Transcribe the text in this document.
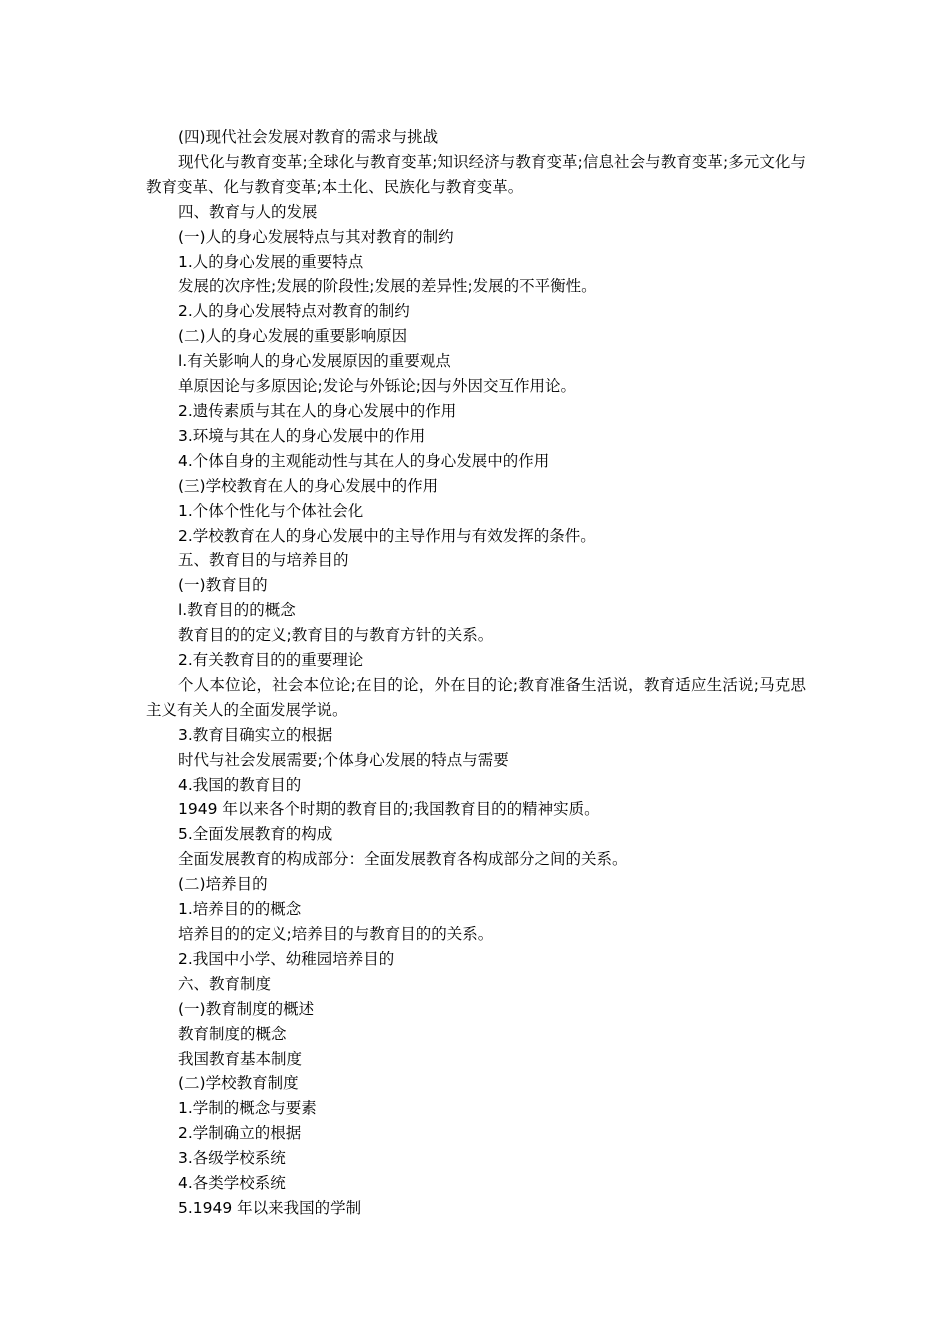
(四)现代社会发展对教育的需求与挑战

现代化与教育变革;全球化与教育变革;知识经济与教育变革;信息社会与教育变革;多元文化与教育变革、化与教育变革;本土化、民族化与教育变革。

四、教育与人的发展

(一)人的身心发展特点与其对教育的制约

1.人的身心发展的重要特点

发展的次序性;发展的阶段性;发展的差异性;发展的不平衡性。

2.人的身心发展特点对教育的制约

(二)人的身心发展的重要影响原因

l.有关影响人的身心发展原因的重要观点

单原因论与多原因论;发论与外铄论;因与外因交互作用论。

2.遗传素质与其在人的身心发展中的作用

3.环境与其在人的身心发展中的作用

4.个体自身的主观能动性与其在人的身心发展中的作用

(三)学校教育在人的身心发展中的作用

1.个体个性化与个体社会化

2.学校教育在人的身心发展中的主导作用与有效发挥的条件。

五、教育目的与培养目的

(一)教育目的

l.教育目的的概念

教育目的的定义;教育目的与教育方针的关系。

2.有关教育目的的重要理论

个人本位论，社会本位论;在目的论，外在目的论;教育准备生活说，教育适应生活说;马克思主义有关人的全面发展学说。

3.教育目确实立的根据

时代与社会发展需要;个体身心发展的特点与需要

4.我国的教育目的

1949 年以来各个时期的教育目的;我国教育目的的精神实质。

5.全面发展教育的构成

全面发展教育的构成部分：全面发展教育各构成部分之间的关系。

(二)培养目的

1.培养目的的概念

培养目的的定义;培养目的与教育目的的关系。

2.我国中小学、幼稚园培养目的

六、教育制度

(一)教育制度的概述

教育制度的概念

我国教育基本制度

(二)学校教育制度

1.学制的概念与要素

2.学制确立的根据

3.各级学校系统

4.各类学校系统

5.1949 年以来我国的学制
